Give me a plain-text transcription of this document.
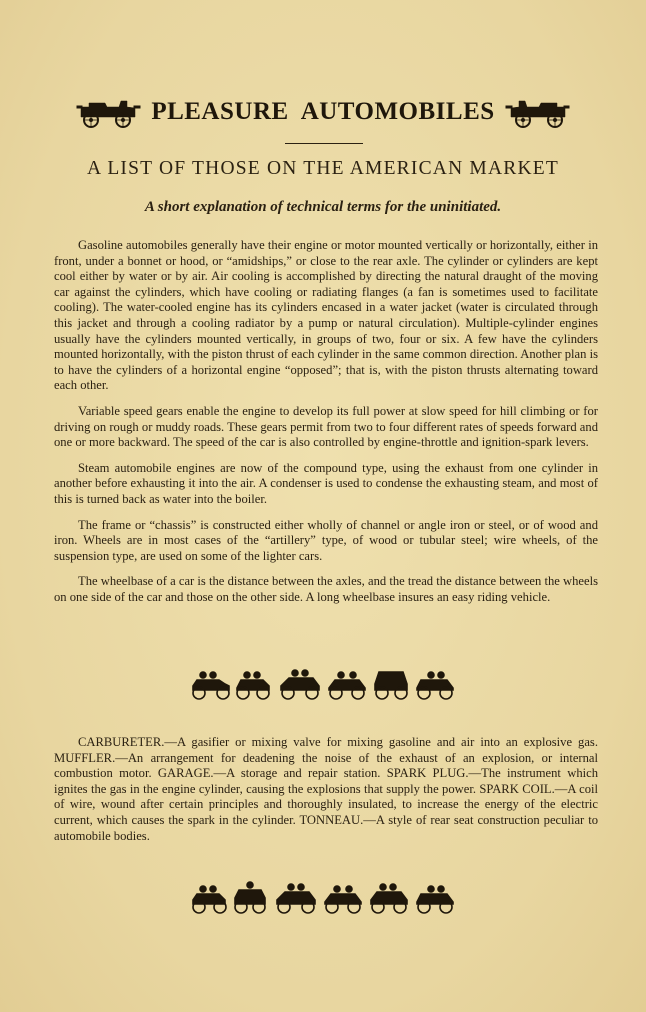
PLEASURE AUTOMOBILES
A LIST OF THOSE ON THE AMERICAN MARKET
A short explanation of technical terms for the uninitiated.

Gasoline automobiles generally have their engine or motor mounted vertically or horizontally, either in front, under a bonnet or hood, or “amidships,” or close to the rear axle. The cylinder or cylinders are kept cool either by water or by air. Air cooling is accomplished by directing the natural draught of the moving car against the cylinders, which have cooling or radiating flanges (a fan is sometimes used to facilitate cooling). The water-cooled engine has its cylinders encased in a water jacket (water is circulated through this jacket and through a cooling radiator by a pump or natural circulation). Multiple-cylinder engines usually have the cylinders mounted vertically, in groups of two, four or six. A few have the cylinders mounted horizontally, with the piston thrust of each cylinder in the same common direction. Another plan is to have the cylinders of a horizontal engine “opposed”; that is, with the piston thrusts alternating toward each other.

Variable speed gears enable the engine to develop its full power at slow speed for hill climbing or for driving on rough or muddy roads. These gears permit from two to four different rates of speeds forward and one or more backward. The speed of the car is also controlled by engine-throttle and ignition-spark levers.

Steam automobile engines are now of the compound type, using the exhaust from one cylinder in another before exhausting it into the air. A condenser is used to condense the exhausting steam, and most of this is turned back as water into the boiler.

The frame or “chassis” is constructed either wholly of channel or angle iron or steel, or of wood and iron. Wheels are in most cases of the “artillery” type, of wood or tubular steel; wire wheels, of the suspension type, are used on some of the lighter cars.

The wheelbase of a car is the distance between the axles, and the tread the distance between the wheels on one side of the car and those on the other side. A long wheelbase insures an easy riding vehicle.

CARBURETER.—A gasifier or mixing valve for mixing gasoline and air into an explosive gas. MUFFLER.—An arrangement for deadening the noise of the exhaust of an explosion, or internal combustion motor. GARAGE.—A storage and repair station. SPARK PLUG.—The instrument which ignites the gas in the engine cylinder, causing the explosions that supply the power. SPARK COIL.—A coil of wire, wound after certain principles and thoroughly insulated, to increase the energy of the electric current, which causes the spark in the cylinder. TONNEAU.—A style of rear seat construction peculiar to automobile bodies.
